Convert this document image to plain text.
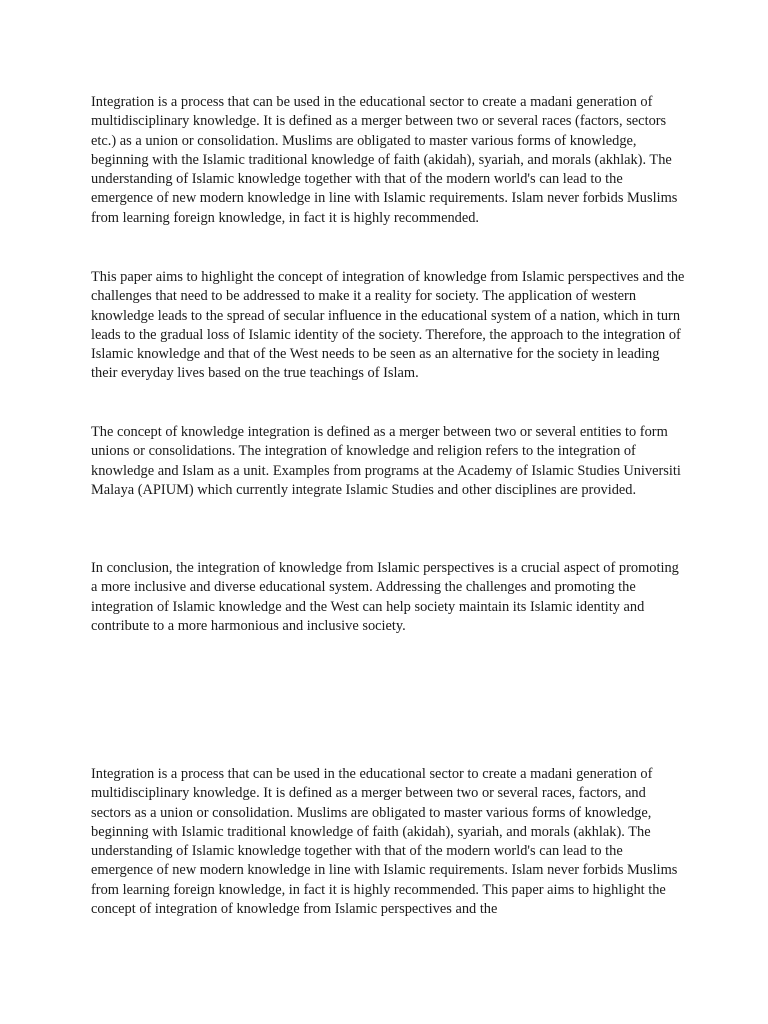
Integration is a process that can be used in the educational sector to create a madani generation of multidisciplinary knowledge. It is defined as a merger between two or several races (factors, sectors etc.) as a union or consolidation. Muslims are obligated to master various forms of knowledge, beginning with the Islamic traditional knowledge of faith (akidah), syariah, and morals (akhlak). The understanding of Islamic knowledge together with that of the modern world's can lead to the emergence of new modern knowledge in line with Islamic requirements. Islam never forbids Muslims from learning foreign knowledge, in fact it is highly recommended.

This paper aims to highlight the concept of integration of knowledge from Islamic perspectives and the challenges that need to be addressed to make it a reality for society. The application of western knowledge leads to the spread of secular influence in the educational system of a nation, which in turn leads to the gradual loss of Islamic identity of the society. Therefore, the approach to the integration of Islamic knowledge and that of the West needs to be seen as an alternative for the society in leading their everyday lives based on the true teachings of Islam.

The concept of knowledge integration is defined as a merger between two or several entities to form unions or consolidations. The integration of knowledge and religion refers to the integration of knowledge and Islam as a unit. Examples from programs at the Academy of Islamic Studies Universiti Malaya (APIUM) which currently integrate Islamic Studies and other disciplines are provided.

In conclusion, the integration of knowledge from Islamic perspectives is a crucial aspect of promoting a more inclusive and diverse educational system. Addressing the challenges and promoting the integration of Islamic knowledge and the West can help society maintain its Islamic identity and contribute to a more harmonious and inclusive society.

Integration is a process that can be used in the educational sector to create a madani generation of multidisciplinary knowledge. It is defined as a merger between two or several races, factors, and sectors as a union or consolidation. Muslims are obligated to master various forms of knowledge, beginning with Islamic traditional knowledge of faith (akidah), syariah, and morals (akhlak). The understanding of Islamic knowledge together with that of the modern world's can lead to the emergence of new modern knowledge in line with Islamic requirements. Islam never forbids Muslims from learning foreign knowledge, in fact it is highly recommended. This paper aims to highlight the concept of integration of knowledge from Islamic perspectives and the
